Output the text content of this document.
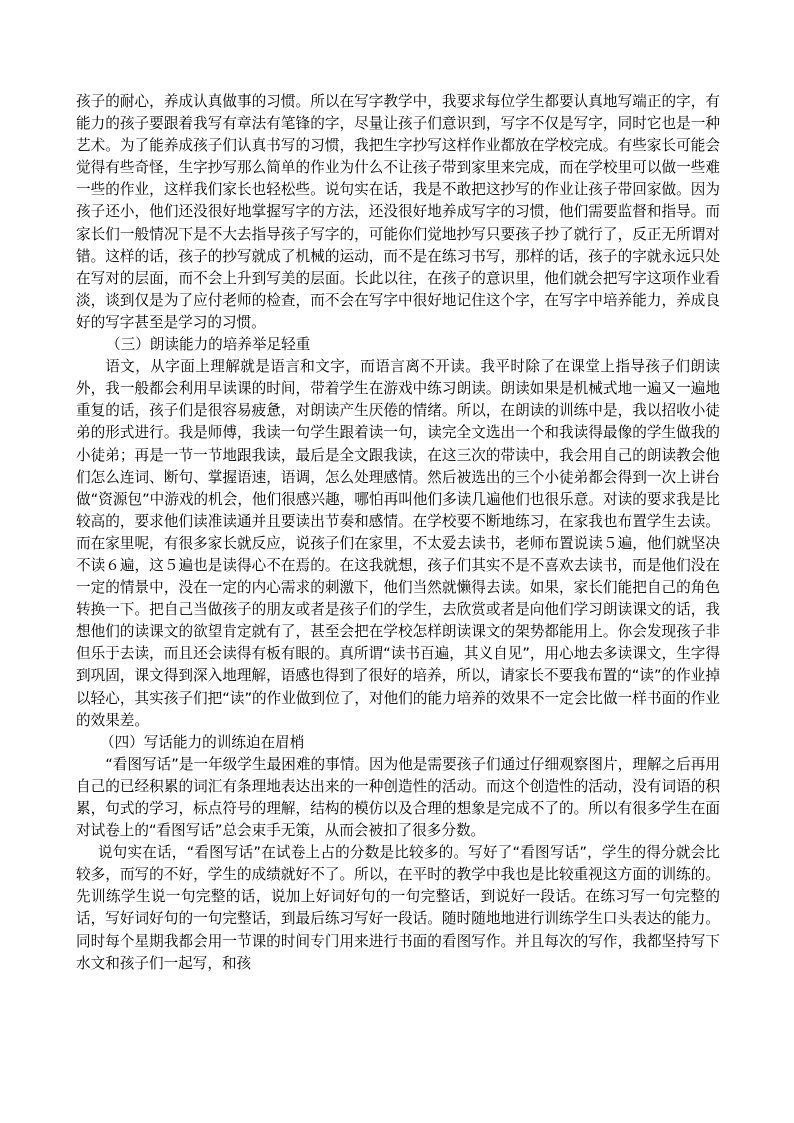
孩子的耐心，养成认真做事的习惯。所以在写字教学中，我要求每位学生都要认真地写端正的字，有能力的孩子要跟着我写有章法有笔锋的字，尽量让孩子们意识到，写字不仅是写字，同时它也是一种艺术。为了能养成孩子们认真书写的习惯，我把生字抄写这样作业都放在学校完成。有些家长可能会觉得有些奇怪，生字抄写那么简单的作业为什么不让孩子带到家里来完成，而在学校里可以做一些难一些的作业，这样我们家长也轻松些。说句实在话，我是不敢把这抄写的作业让孩子带回家做。因为孩子还小，他们还没很好地掌握写字的方法，还没很好地养成写字的习惯，他们需要监督和指导。而家长们一般情况下是不大去指导孩子写字的，可能你们觉地抄写只要孩子抄了就行了，反正无所谓对错。这样的话，孩子的抄写就成了机械的运动，而不是在练习书写，那样的话，孩子的字就永远只处在写对的层面，而不会上升到写美的层面。长此以往，在孩子的意识里，他们就会把写字这项作业看淡，谈到仅是为了应付老师的检查，而不会在写字中很好地记住这个字，在写字中培养能力，养成良好的写字甚至是学习的习惯。

（三）朗读能力的培养举足轻重

语文，从字面上理解就是语言和文字，而语言离不开读。我平时除了在课堂上指导孩子们朗读外，我一般都会利用早读课的时间，带着学生在游戏中练习朗读。朗读如果是机械式地一遍又一遍地重复的话，孩子们是很容易疲惫，对朗读产生厌倦的情绪。所以，在朗读的训练中是，我以招收小徒弟的形式进行。我是师傅，我读一句学生跟着读一句，读完全文选出一个和我读得最像的学生做我的小徒弟；再是一节一节地跟我读，最后是全文跟我读，在这三次的带读中，我会用自己的朗读教会他们怎么连词、断句、掌握语速，语调，怎么处理感情。然后被选出的三个小徒弟都会得到一次上讲台做“资源包”中游戏的机会，他们很感兴趣，哪怕再叫他们多读几遍他们也很乐意。对读的要求我是比较高的，要求他们读准读通并且要读出节奏和感情。在学校要不断地练习，在家我也布置学生去读。而在家里呢，有很多家长就反应，说孩子们在家里，不太爱去读书，老师布置说读５遍，他们就坚决不读６遍，这５遍也是读得心不在焉的。在这我就想，孩子们其实不是不喜欢去读书，而是他们没在一定的情景中，没在一定的内心需求的刺激下，他们当然就懒得去读。如果，家长们能把自己的角色转换一下。把自己当做孩子的朋友或者是孩子们的学生，去欣赏或者是向他们学习朗读课文的话，我想他们的读课文的欲望肯定就有了，甚至会把在学校怎样朗读课文的架势都能用上。你会发现孩子非但乐于去读，而且还会读得有板有眼的。真所谓“读书百遍，其义自见”，用心地去多读课文，生字得到巩固，课文得到深入地理解，语感也得到了很好的培养，所以，请家长不要我布置的“读”的作业掉以轻心，其实孩子们把“读”的作业做到位了，对他们的能力培养的效果不一定会比做一样书面的作业的效果差。

（四）写话能力的训练迫在眉梢

“看图写话”是一年级学生最困难的事情。因为他是需要孩子们通过仔细观察图片，理解之后再用自己的已经积累的词汇有条理地表达出来的一种创造性的活动。而这个创造性的活动，没有词语的积累，句式的学习，标点符号的理解，结构的模仿以及合理的想象是完成不了的。所以有很多学生在面对试卷上的“看图写话”总会束手无策，从而会被扣了很多分数。

说句实在话，“看图写话”在试卷上占的分数是比较多的。写好了“看图写话”，学生的得分就会比较多，而写的不好，学生的成绩就好不了。所以，在平时的教学中我也是比较重视这方面的训练的。先训练学生说一句完整的话，说加上好词好句的一句完整话，到说好一段话。在练习写一句完整的话，写好词好句的一句完整话，到最后练习写好一段话。随时随地地进行训练学生口头表达的能力。同时每个星期我都会用一节课的时间专门用来进行书面的看图写作。并且每次的写作，我都坚持写下水文和孩子们一起写，和孩
